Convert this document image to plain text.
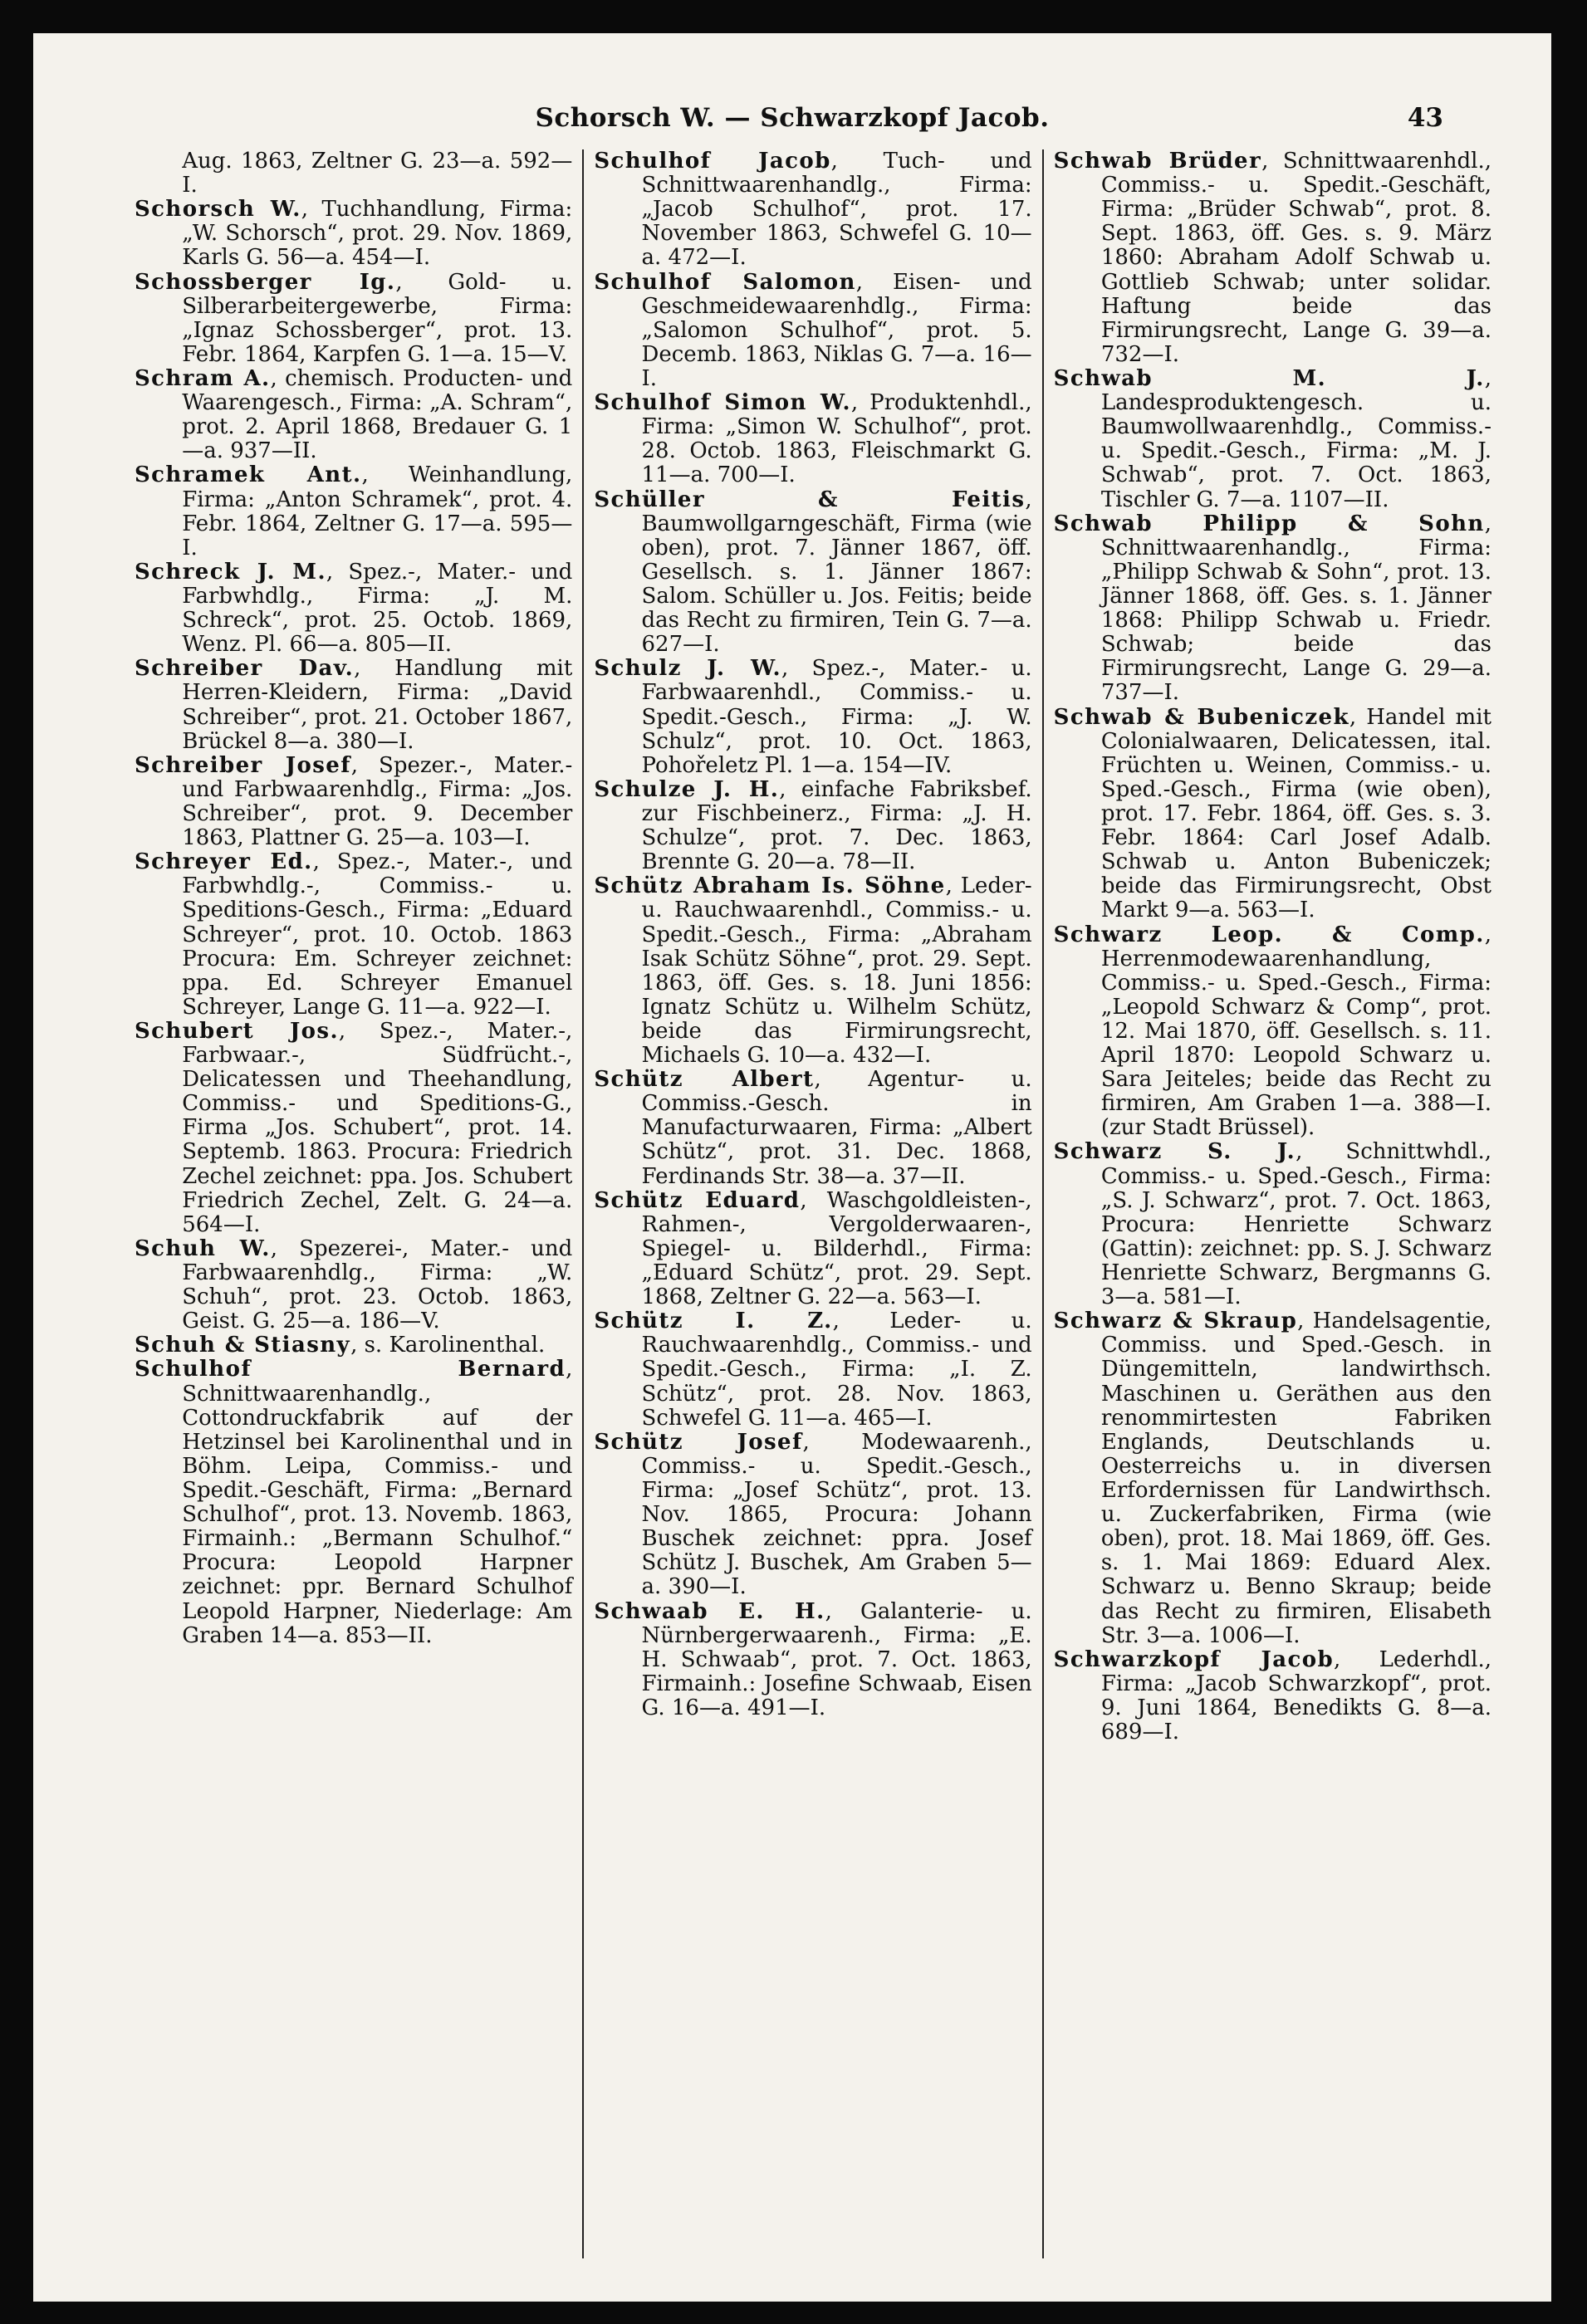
Schorsch W. — Schwarzkopf Jacob.	43

Aug. 1863, Zeltner G. 23—a. 592—I.

Schorsch W., Tuchhandlung, Firma: „W. Schorsch“, prot. 29. Nov. 1869, Karls G. 56—a. 454—I.

Schossberger Ig., Gold- u. Silberarbeitergewerbe, Firma: „Ignaz Schossberger“, prot. 13. Febr. 1864, Karpfen G. 1—a. 15—V.

Schram A., chemisch. Producten- und Waarengesch., Firma: „A. Schram“, prot. 2. April 1868, Bredauer G. 1—a. 937—II.

Schramek Ant., Weinhandlung, Firma: „Anton Schramek“, prot. 4. Febr. 1864, Zeltner G. 17—a. 595—I.

Schreck J. M., Spez.-, Mater.- und Farbwhdlg., Firma: „J. M. Schreck“, prot. 25. Octob. 1869, Wenz. Pl. 66—a. 805—II.

Schreiber Dav., Handlung mit Herren-Kleidern, Firma: „David Schreiber“, prot. 21. October 1867, Brückel 8—a. 380—I.

Schreiber Josef, Spezer.-, Mater.- und Farbwaarenhdlg., Firma: „Jos. Schreiber“, prot. 9. December 1863, Plattner G. 25—a. 103—I.

Schreyer Ed., Spez.-, Mater.-, und Farbwhdlg.-, Commiss.- u. Speditions-Gesch., Firma: „Eduard Schreyer“, prot. 10. Octob. 1863 Procura: Em. Schreyer zeichnet: ppa. Ed. Schreyer Emanuel Schreyer, Lange G. 11—a. 922—I.

Schubert Jos., Spez.-, Mater.-, Farbwaar.-, Südfrücht.-, Delicatessen und Theehandlung, Commiss.- und Speditions-G., Firma „Jos. Schubert“, prot. 14. Septemb. 1863. Procura: Friedrich Zechel zeichnet: ppa. Jos. Schubert Friedrich Zechel, Zelt. G. 24—a. 564—I.

Schuh W., Spezerei-, Mater.- und Farbwaarenhdlg., Firma: „W. Schuh“, prot. 23. Octob. 1863, Geist. G. 25—a. 186—V.

Schuh & Stiasny, s. Karolinenthal.

Schulhof Bernard, Schnittwaarenhandlg., Cottondruckfabrik auf der Hetzinsel bei Karolinenthal und in Böhm. Leipa, Commiss.- und Spedit.-Geschäft, Firma: „Bernard Schulhof“, prot. 13. Novemb. 1863, Firmainh.: „Bermann Schulhof.“ Procura: Leopold Harpner zeichnet: ppr. Bernard Schulhof Leopold Harpner, Niederlage: Am Graben 14—a. 853—II.

Schulhof Jacob, Tuch- und Schnittwaarenhandlg., Firma: „Jacob Schulhof“, prot. 17. November 1863, Schwefel G. 10—a. 472—I.

Schulhof Salomon, Eisen- und Geschmeidewaarenhdlg., Firma: „Salomon Schulhof“, prot. 5. Decemb. 1863, Niklas G. 7—a. 16—I.

Schulhof Simon W., Produktenhdl., Firma: „Simon W. Schulhof“, prot. 28. Octob. 1863, Fleischmarkt G. 11—a. 700—I.

Schüller & Feitis, Baumwollgarngeschäft, Firma (wie oben), prot. 7. Jänner 1867, öff. Gesellsch. s. 1. Jänner 1867: Salom. Schüller u. Jos. Feitis; beide das Recht zu firmiren, Tein G. 7—a. 627—I.

Schulz J. W., Spez.-, Mater.- u. Farbwaarenhdl., Commiss.- u. Spedit.-Gesch., Firma: „J. W. Schulz“, prot. 10. Oct. 1863, Pohořeletz Pl. 1—a. 154—IV.

Schulze J. H., einfache Fabriksbef. zur Fischbeinerz., Firma: „J. H. Schulze“, prot. 7. Dec. 1863, Brennte G. 20—a. 78—II.

Schütz Abraham Is. Söhne, Leder- u. Rauchwaarenhdl., Commiss.- u. Spedit.-Gesch., Firma: „Abraham Isak Schütz Söhne“, prot. 29. Sept. 1863, öff. Ges. s. 18. Juni 1856: Ignatz Schütz u. Wilhelm Schütz, beide das Firmirungsrecht, Michaels G. 10—a. 432—I.

Schütz Albert, Agentur- u. Commiss.-Gesch. in Manufacturwaaren, Firma: „Albert Schütz“, prot. 31. Dec. 1868, Ferdinands Str. 38—a. 37—II.

Schütz Eduard, Waschgoldleisten-, Rahmen-, Vergolderwaaren-, Spiegel- u. Bilderhdl., Firma: „Eduard Schütz“, prot. 29. Sept. 1868, Zeltner G. 22—a. 563—I.

Schütz I. Z., Leder- u. Rauchwaarenhdlg., Commiss.- und Spedit.-Gesch., Firma: „I. Z. Schütz“, prot. 28. Nov. 1863, Schwefel G. 11—a. 465—I.

Schütz Josef, Modewaarenh., Commiss.- u. Spedit.-Gesch., Firma: „Josef Schütz“, prot. 13. Nov. 1865, Procura: Johann Buschek zeichnet: ppra. Josef Schütz J. Buschek, Am Graben 5—a. 390—I.

Schwaab E. H., Galanterie- u. Nürnbergerwaarenh., Firma: „E. H. Schwaab“, prot. 7. Oct. 1863, Firmainh.: Josefine Schwaab, Eisen G. 16—a. 491—I.

Schwab Brüder, Schnittwaarenhdl., Commiss.- u. Spedit.-Geschäft, Firma: „Brüder Schwab“, prot. 8. Sept. 1863, öff. Ges. s. 9. März 1860: Abraham Adolf Schwab u. Gottlieb Schwab; unter solidar. Haftung beide das Firmirungsrecht, Lange G. 39—a. 732—I.

Schwab M. J., Landesproduktengesch. u. Baumwollwaarenhdlg., Commiss.- u. Spedit.-Gesch., Firma: „M. J. Schwab“, prot. 7. Oct. 1863, Tischler G. 7—a. 1107—II.

Schwab Philipp & Sohn, Schnittwaarenhandlg., Firma: „Philipp Schwab & Sohn“, prot. 13. Jänner 1868, öff. Ges. s. 1. Jänner 1868: Philipp Schwab u. Friedr. Schwab; beide das Firmirungsrecht, Lange G. 29—a. 737—I.

Schwab & Bubeniczek, Handel mit Colonialwaaren, Delicatessen, ital. Früchten u. Weinen, Commiss.- u. Sped.-Gesch., Firma (wie oben), prot. 17. Febr. 1864, öff. Ges. s. 3. Febr. 1864: Carl Josef Adalb. Schwab u. Anton Bubeniczek; beide das Firmirungsrecht, Obst Markt 9—a. 563—I.

Schwarz Leop. & Comp., Herrenmodewaarenhandlung, Commiss.- u. Sped.-Gesch., Firma: „Leopold Schwarz & Comp“, prot. 12. Mai 1870, öff. Gesellsch. s. 11. April 1870: Leopold Schwarz u. Sara Jeiteles; beide das Recht zu firmiren, Am Graben 1—a. 388—I. (zur Stadt Brüssel).

Schwarz S. J., Schnittwhdl., Commiss.- u. Sped.-Gesch., Firma: „S. J. Schwarz“, prot. 7. Oct. 1863, Procura: Henriette Schwarz (Gattin): zeichnet: pp. S. J. Schwarz Henriette Schwarz, Bergmanns G. 3—a. 581—I.

Schwarz & Skraup, Handelsagentie, Commiss. und Sped.-Gesch. in Düngemitteln, landwirthsch. Maschinen u. Geräthen aus den renommirtesten Fabriken Englands, Deutschlands u. Oesterreichs u. in diversen Erfordernissen für Landwirthsch. u. Zuckerfabriken, Firma (wie oben), prot. 18. Mai 1869, öff. Ges. s. 1. Mai 1869: Eduard Alex. Schwarz u. Benno Skraup; beide das Recht zu firmiren, Elisabeth Str. 3—a. 1006—I.

Schwarzkopf Jacob, Lederhdl., Firma: „Jacob Schwarzkopf“, prot. 9. Juni 1864, Benedikts G. 8—a. 689—I.
